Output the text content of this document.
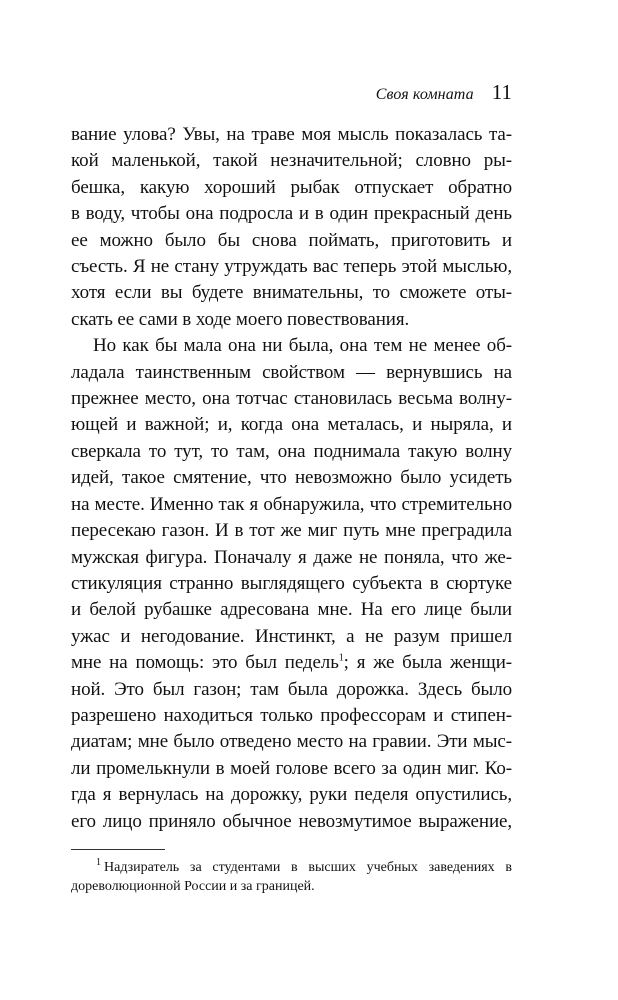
Своя комната 11
вание улова? Увы, на траве моя мысль показалась та-
кой маленькой, такой незначительной; словно ры-
бешка, какую хороший рыбак отпускает обратно
в воду, чтобы она подросла и в один прекрасный день
ее можно было бы снова поймать, приготовить и
съесть. Я не стану утруждать вас теперь этой мыслью,
хотя если вы будете внимательны, то сможете оты-
скать ее сами в ходе моего повествования.
Но как бы мала она ни была, она тем не менее об-
ладала таинственным свойством — вернувшись на
прежнее место, она тотчас становилась весьма волну-
ющей и важной; и, когда она металась, и ныряла, и
сверкала то тут, то там, она поднимала такую волну
идей, такое смятение, что невозможно было усидеть
на месте. Именно так я обнаружила, что стремительно
пересекаю газон. И в тот же миг путь мне преградила
мужская фигура. Поначалу я даже не поняла, что же-
стикуляция странно выглядящего субъекта в сюртуке
и белой рубашке адресована мне. На его лице были
ужас и негодование. Инстинкт, а не разум пришел
мне на помощь: это был педель$^1$; я же была женщи-
ной. Это был газон; там была дорожка. Здесь было
разрешено находиться только профессорам и стипен-
диатам; мне было отведено место на гравии. Эти мыс-
ли промелькнули в моей голове всего за один миг. Ко-
гда я вернулась на дорожку, руки педеля опустились,
его лицо приняло обычное невозмутимое выражение,
$^1$ Надзиратель за студентами в высших учебных заведениях в
дореволюционной России и за границей.
